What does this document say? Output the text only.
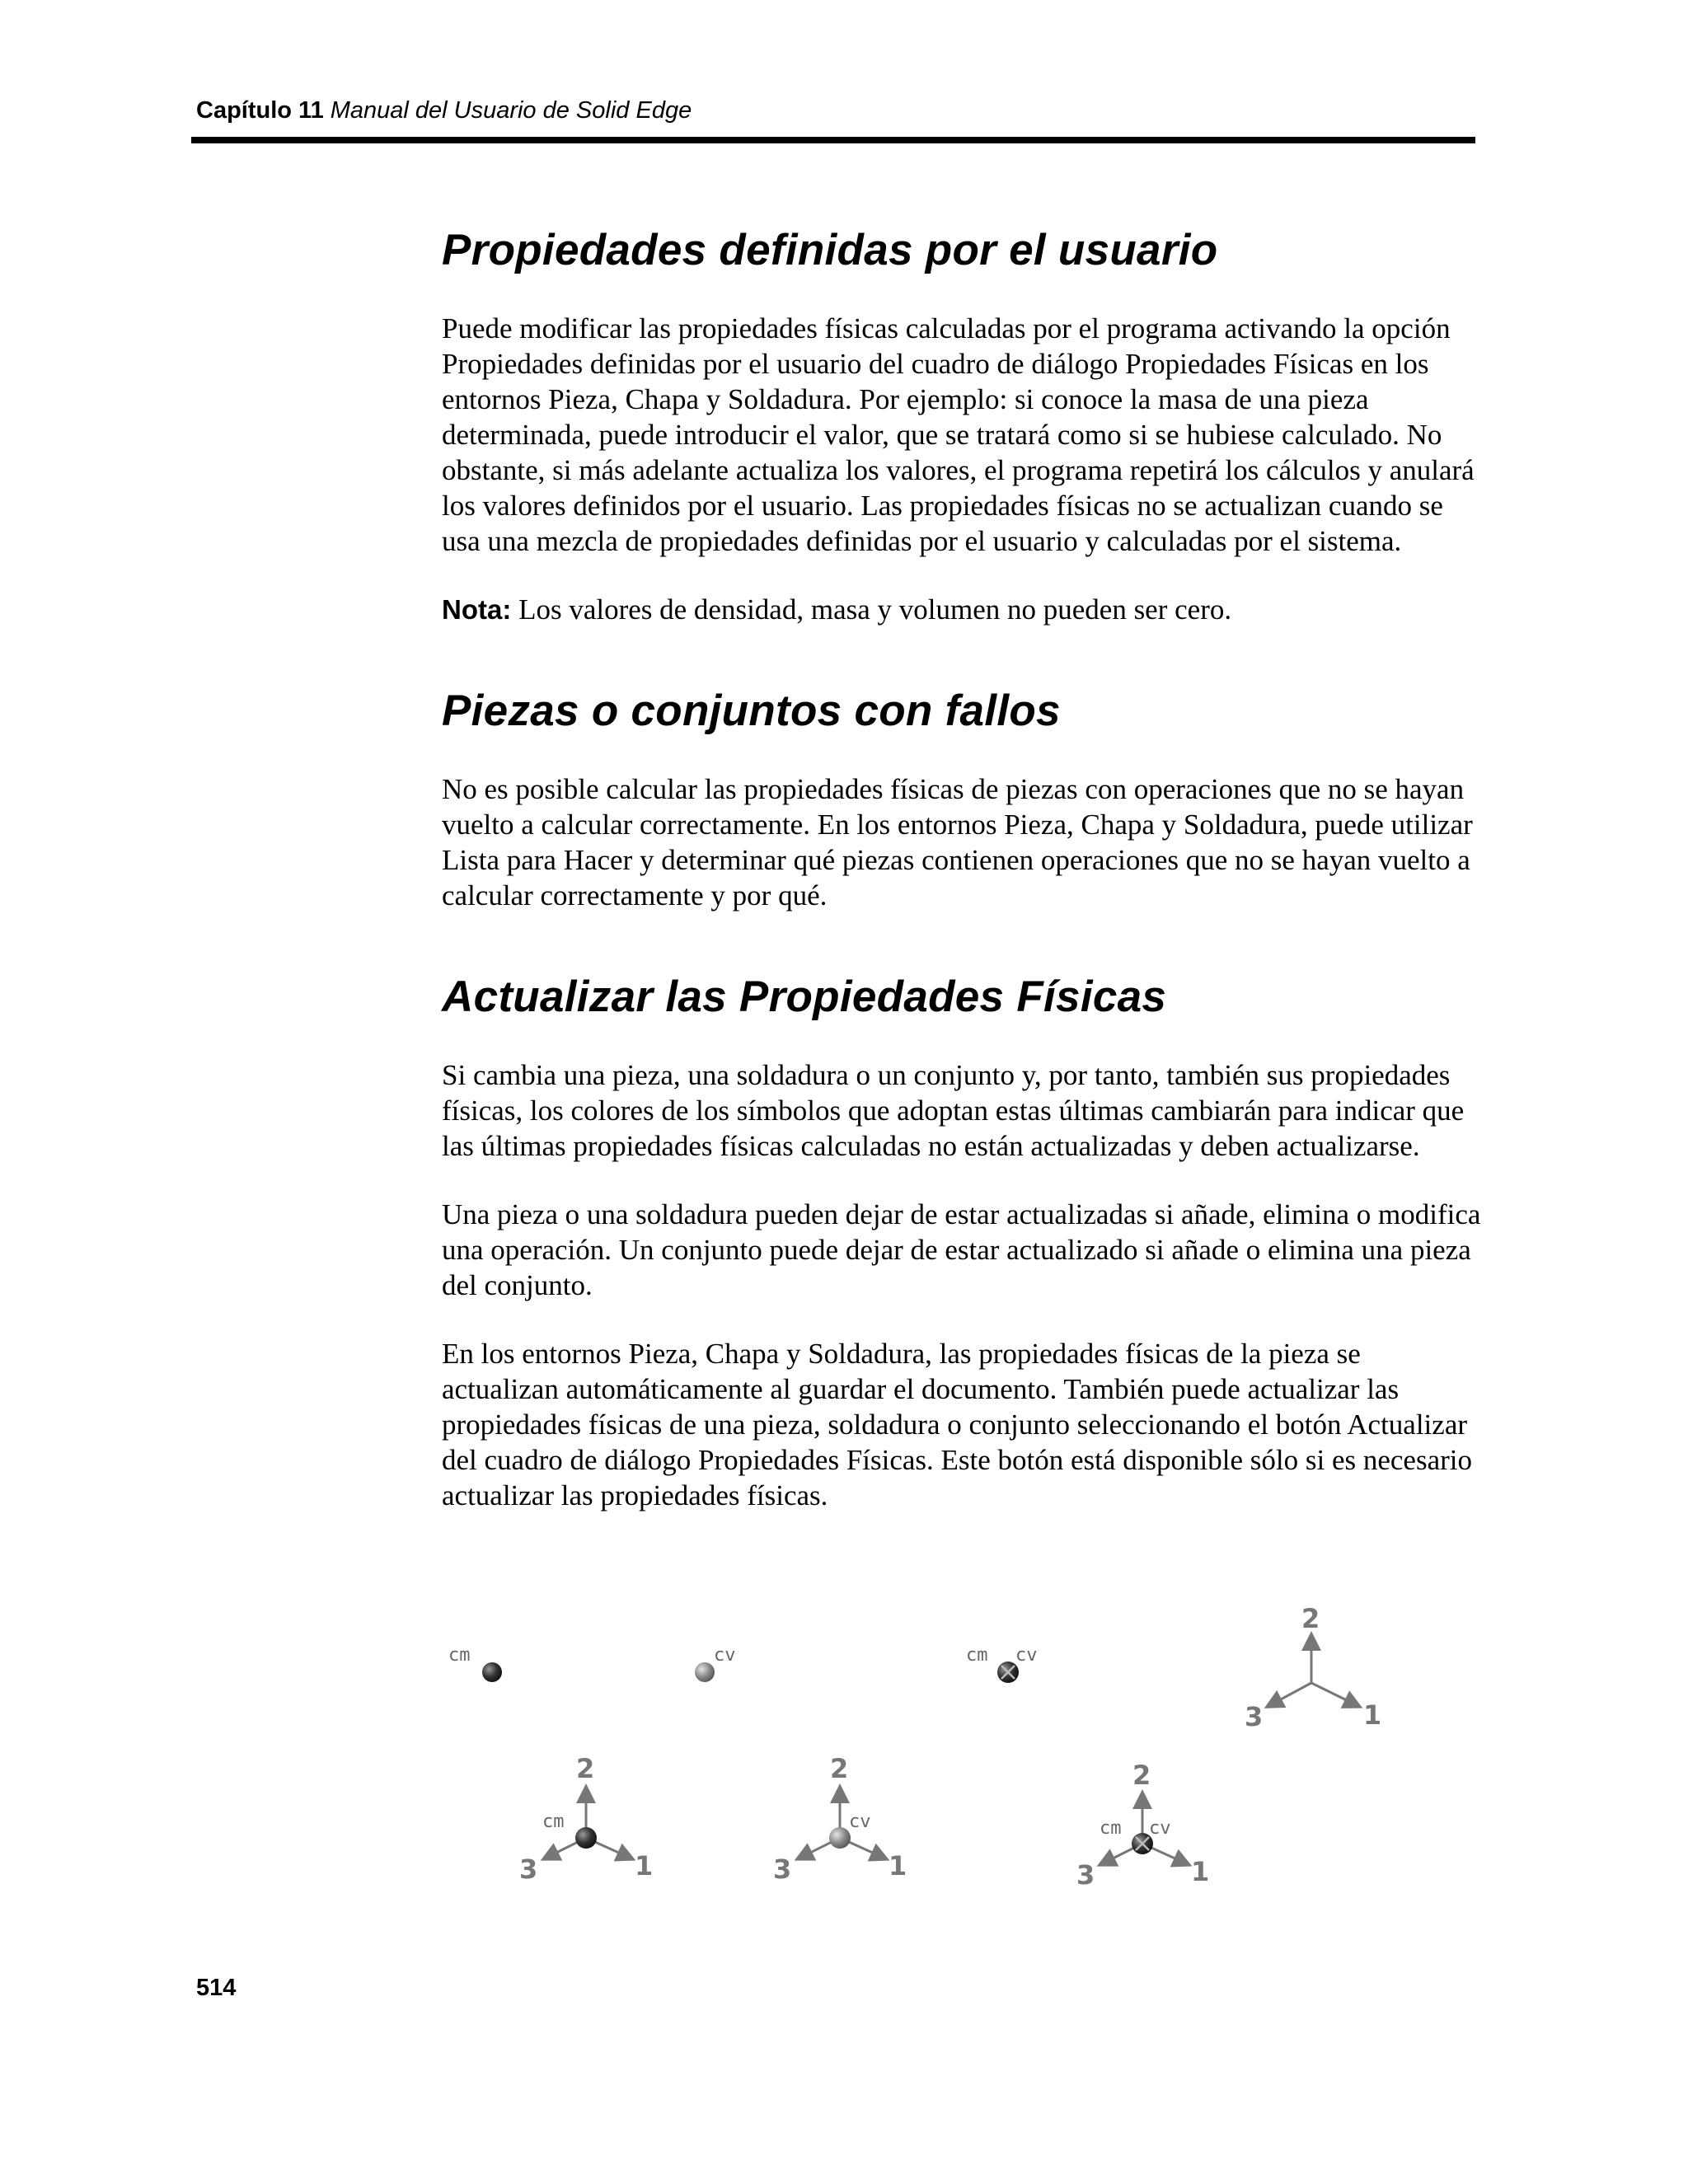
Capítulo 11 Manual del Usuario de Solid Edge
Propiedades definidas por el usuario

Puede modificar las propiedades físicas calculadas por el programa activando la opción Propiedades definidas por el usuario del cuadro de diálogo Propiedades Físicas en los entornos Pieza, Chapa y Soldadura. Por ejemplo: si conoce la masa de una pieza determinada, puede introducir el valor, que se tratará como si se hubiese calculado. No obstante, si más adelante actualiza los valores, el programa repetirá los cálculos y anulará los valores definidos por el usuario. Las propiedades físicas no se actualizan cuando se usa una mezcla de propiedades definidas por el usuario y calculadas por el sistema.

Nota: Los valores de densidad, masa y volumen no pueden ser cero.

Piezas o conjuntos con fallos

No es posible calcular las propiedades físicas de piezas con operaciones que no se hayan vuelto a calcular correctamente. En los entornos Pieza, Chapa y Soldadura, puede utilizar Lista para Hacer y determinar qué piezas contienen operaciones que no se hayan vuelto a calcular correctamente y por qué.

Actualizar las Propiedades Físicas

Si cambia una pieza, una soldadura o un conjunto y, por tanto, también sus propiedades físicas, los colores de los símbolos que adoptan estas últimas cambiarán para indicar que las últimas propiedades físicas calculadas no están actualizadas y deben actualizarse.

Una pieza o una soldadura pueden dejar de estar actualizadas si añade, elimina o modifica una operación. Un conjunto puede dejar de estar actualizado si añade o elimina una pieza del conjunto.

En los entornos Pieza, Chapa y Soldadura, las propiedades físicas de la pieza se actualizan automáticamente al guardar el documento. También puede actualizar las propiedades físicas de una pieza, soldadura o conjunto seleccionando el botón Actualizar del cuadro de diálogo Propiedades Físicas. Este botón está disponible sólo si es necesario actualizar las propiedades físicas.

cm	cv	cm cv
2
1
3
2
1
3
cm
2
1
3
cv
2
1
3
cm cv
514
